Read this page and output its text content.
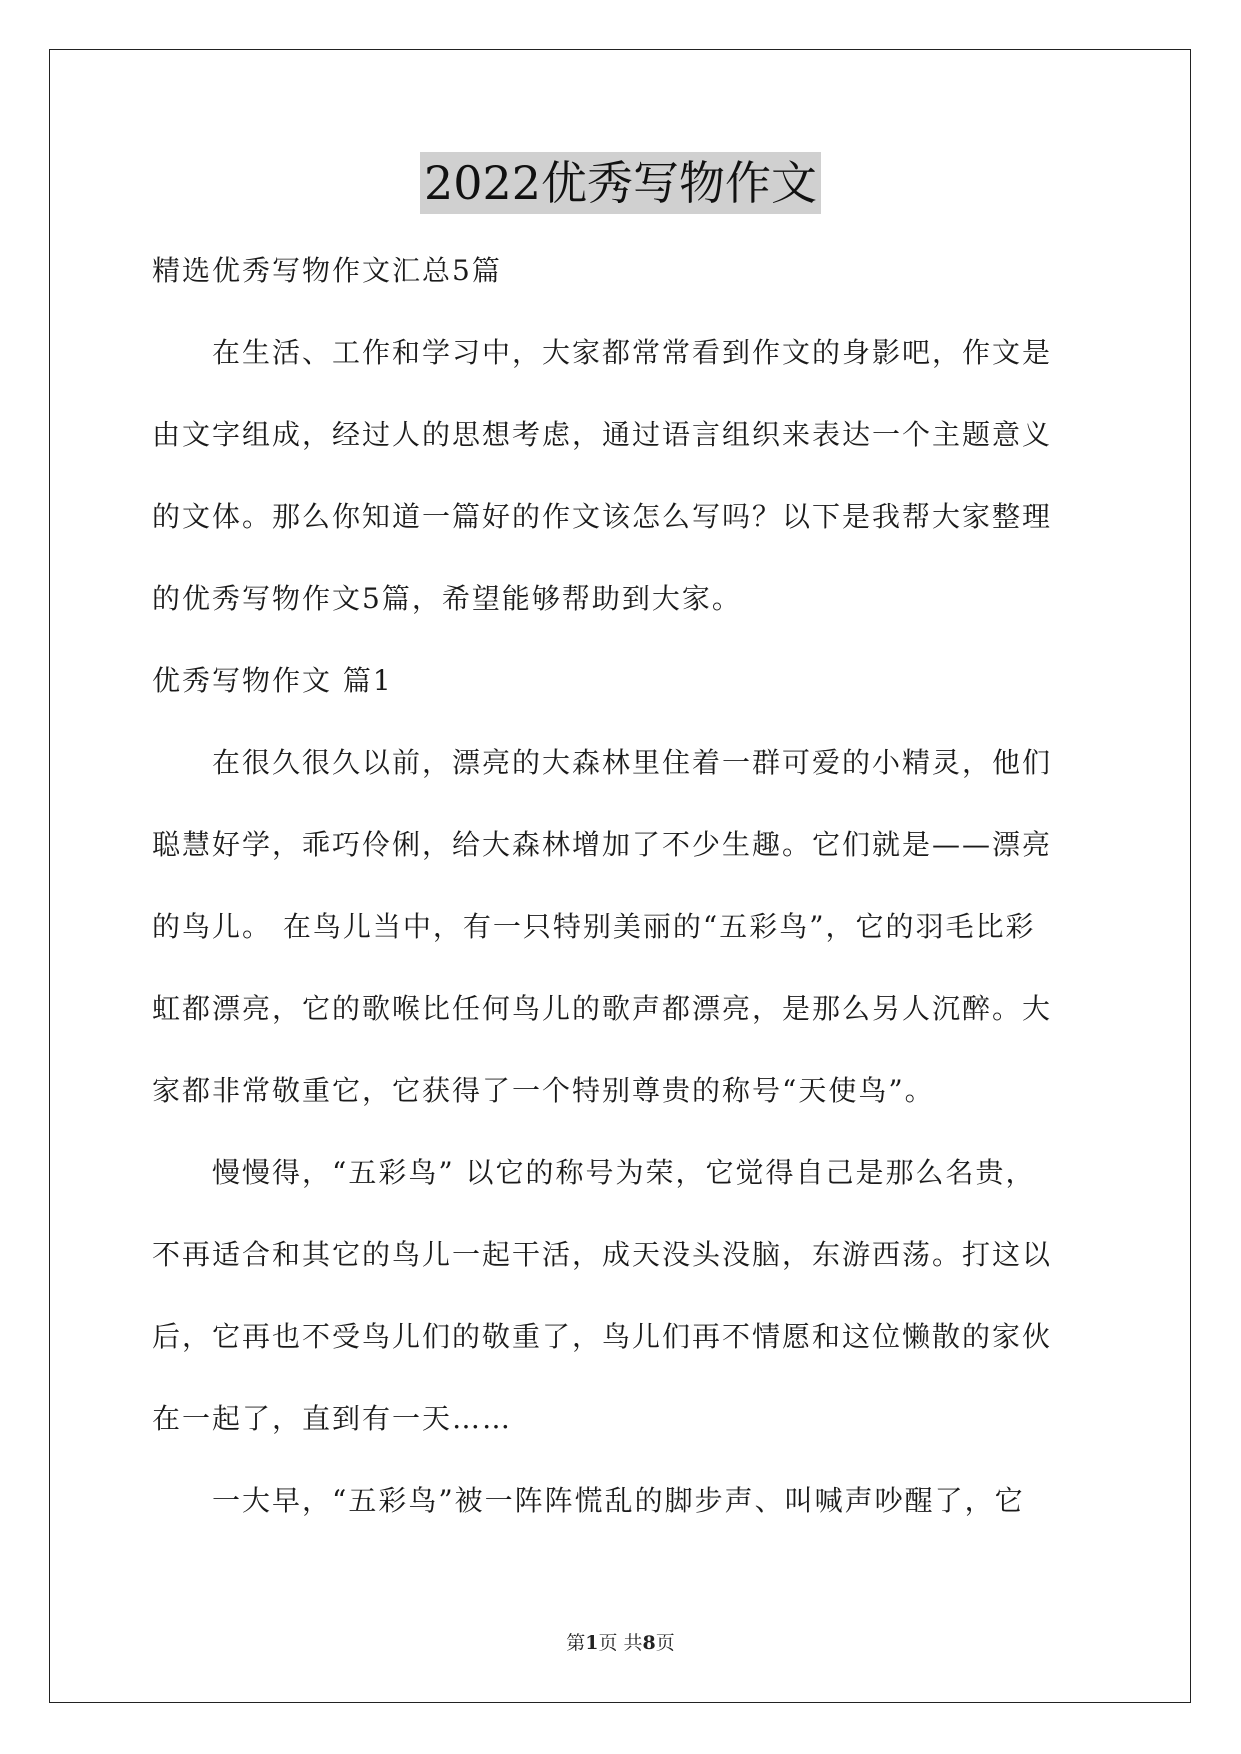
2022优秀写物作文
精选优秀写物作文汇总5篇
在生活、工作和学习中，大家都常常看到作文的身影吧，作文是
由文字组成，经过人的思想考虑，通过语言组织来表达一个主题意义
的文体。那么你知道一篇好的作文该怎么写吗？以下是我帮大家整理
的优秀写物作文5篇，希望能够帮助到大家。
优秀写物作文 篇1
在很久很久以前，漂亮的大森林里住着一群可爱的小精灵，他们
聪慧好学，乖巧伶俐，给大森林增加了不少生趣。它们就是——漂亮
的鸟儿。 在鸟儿当中，有一只特别美丽的“五彩鸟”，它的羽毛比彩
虹都漂亮，它的歌喉比任何鸟儿的歌声都漂亮，是那么另人沉醉。大
家都非常敬重它，它获得了一个特别尊贵的称号“天使鸟”。
慢慢得，“五彩鸟” 以它的称号为荣，它觉得自己是那么名贵，
不再适合和其它的鸟儿一起干活，成天没头没脑，东游西荡。打这以
后，它再也不受鸟儿们的敬重了，鸟儿们再不情愿和这位懒散的家伙
在一起了，直到有一天……
一大早，“五彩鸟”被一阵阵慌乱的脚步声、叫喊声吵醒了，它
第1页 共8页
